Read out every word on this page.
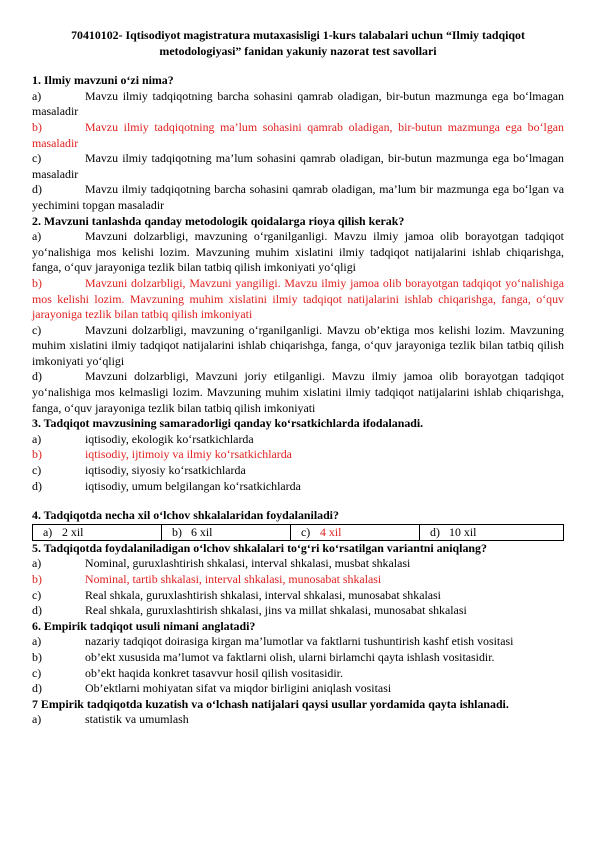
70410102- Iqtisodiyot magistratura mutaxasisligi 1-kurs talabalari uchun “Ilmiy tadqiqot metodologiyasi” fanidan yakuniy nazorat test savollari
1. Ilmiy mavzuni o‘zi nima?
a)	Mavzu ilmiy tadqiqotning barcha sohasini qamrab oladigan, bir-butun mazmunga ega bo‘lmagan masaladir
b)	Mavzu ilmiy tadqiqotning ma’lum sohasini qamrab oladigan, bir-butun mazmunga ega bo‘lgan masaladir
c)	Mavzu ilmiy tadqiqotning ma’lum sohasini qamrab oladigan, bir-butun mazmunga ega bo‘lmagan masaladir
d)	Mavzu ilmiy tadqiqotning barcha sohasini qamrab oladigan, ma’lum bir mazmunga ega bo‘lgan va yechimini topgan masaladir
2. Mavzuni tanlashda qanday metodologik qoidalarga rioya qilish kerak?
a)	Mavzuni dolzarbligi, mavzuning o‘rganilganligi. Mavzu ilmiy jamoa olib borayotgan tadqiqot yo‘nalishiga mos kelishi lozim. Mavzuning muhim xislatini ilmiy tadqiqot natijalarini ishlab chiqarishga, fanga, o‘quv jarayoniga tezlik bilan tatbiq qilish imkoniyati yo‘qligi
b)	Mavzuni dolzarbligi, Mavzuni yangiligi. Mavzu ilmiy jamoa olib borayotgan tadqiqot yo‘nalishiga mos kelishi lozim. Mavzuning muhim xislatini ilmiy tadqiqot natijalarini ishlab chiqarishga, fanga, o‘quv jarayoniga tezlik bilan tatbiq qilish imkoniyati
c)	Mavzuni dolzarbligi, mavzuning o‘rganilganligi. Mavzu ob’ektiga mos kelishi lozim. Mavzuning muhim xislatini ilmiy tadqiqot natijalarini ishlab chiqarishga, fanga, o‘quv jarayoniga tezlik bilan tatbiq qilish imkoniyati yo‘qligi
d)	Mavzuni dolzarbligi, Mavzuni joriy etilganligi. Mavzu ilmiy jamoa olib borayotgan tadqiqot yo‘nalishiga mos kelmasligi lozim. Mavzuning muhim xislatini ilmiy tadqiqot natijalarini ishlab chiqarishga, fanga, o‘quv jarayoniga tezlik bilan tatbiq qilish imkoniyati
3. Tadqiqot mavzusining samaradorligi qanday ko‘rsatkichlarda ifodalanadi.
a)	iqtisodiy, ekologik ko‘rsatkichlarda
b)	iqtisodiy, ijtimoiy va ilmiy ko‘rsatkichlarda
c)	iqtisodiy, siyosiy ko‘rsatkichlarda
d)	iqtisodiy, umum belgilangan ko‘rsatkichlarda
4. Tadqiqotda necha xil o‘lchov shkalalaridan foydalaniladi?
a) 2 xil	b) 6 xil	c) 4 xil	d) 10 xil
5. Tadqiqotda foydalaniladigan o‘lchov shkalalari to‘g‘ri ko‘rsatilgan variantni aniqlang?
a)	Nominal, guruxlashtirish shkalasi, interval shkalasi, musbat shkalasi
b)	Nominal, tartib shkalasi, interval shkalasi, munosabat shkalasi
c)	Real shkala, guruxlashtirish shkalasi, interval shkalasi, munosabat shkalasi
d)	Real shkala, guruxlashtirish shkalasi, jins va millat shkalasi, munosabat shkalasi
6. Empirik tadqiqot usuli nimani anglatadi?
a)	nazariy tadqiqot doirasiga kirgan ma’lumotlar va faktlarni tushuntirish kashf etish vositasi
b)	ob’ekt xususida ma’lumot va faktlarni olish, ularni birlamchi qayta ishlash vositasidir.
c)	ob’ekt haqida konkret tasavvur hosil qilish vositasidir.
d)	Ob’ektlarni mohiyatan sifat va miqdor birligini aniqlash vositasi
7 Empirik tadqiqotda kuzatish va o‘lchash natijalari qaysi usullar yordamida qayta ishlanadi.
a)	statistik va umumlash
